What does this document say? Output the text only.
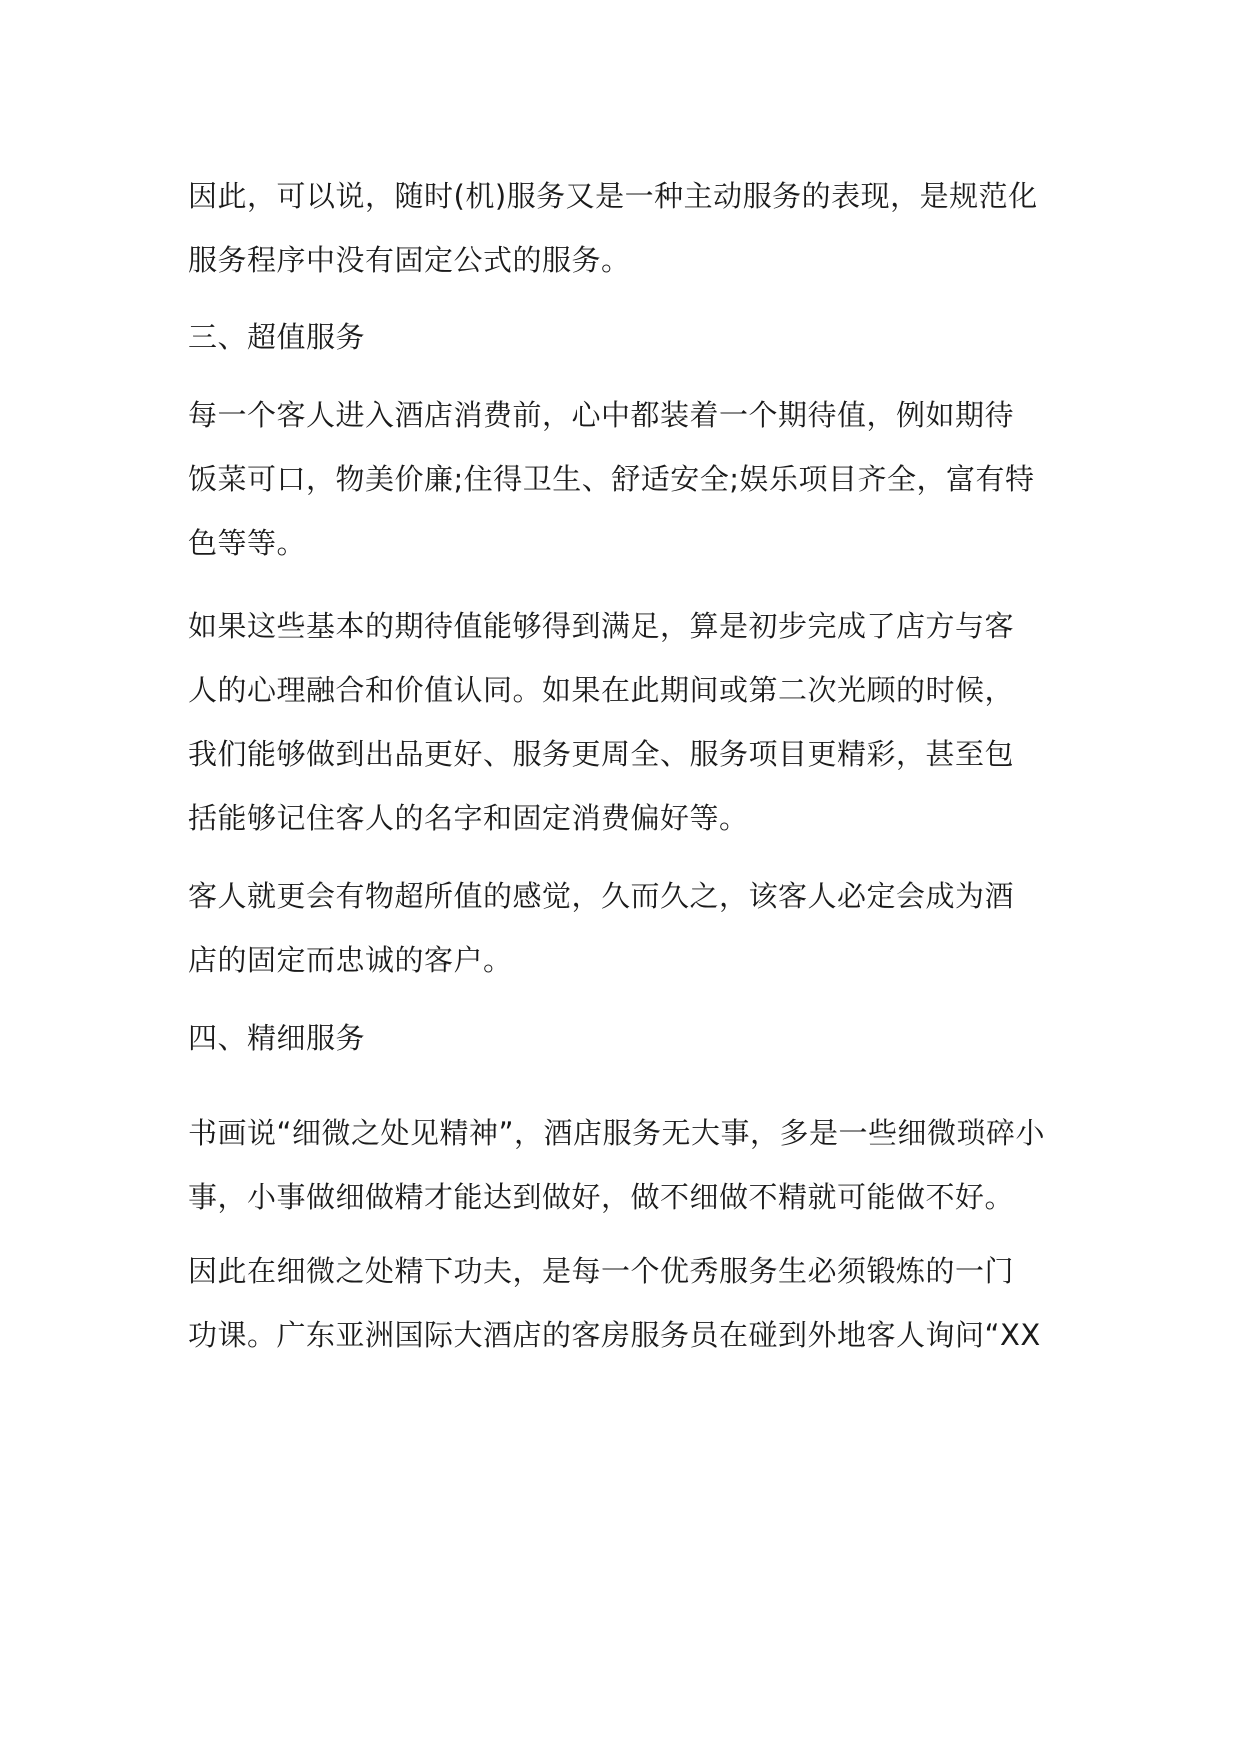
因此，可以说，随时(机)服务又是一种主动服务的表现，是规范化
服务程序中没有固定公式的服务。
三、超值服务
每一个客人进入酒店消费前，心中都装着一个期待值，例如期待
饭菜可口，物美价廉;住得卫生、舒适安全;娱乐项目齐全，富有特
色等等。
如果这些基本的期待值能够得到满足，算是初步完成了店方与客
人的心理融合和价值认同。如果在此期间或第二次光顾的时候，
我们能够做到出品更好、服务更周全、服务项目更精彩，甚至包
括能够记住客人的名字和固定消费偏好等。
客人就更会有物超所值的感觉，久而久之，该客人必定会成为酒
店的固定而忠诚的客户。
四、精细服务
书画说“细微之处见精神”，酒店服务无大事，多是一些细微琐碎小
事，小事做细做精才能达到做好，做不细做不精就可能做不好。
因此在细微之处精下功夫，是每一个优秀服务生必须锻炼的一门
功课。广东亚洲国际大酒店的客房服务员在碰到外地客人询问“XX
